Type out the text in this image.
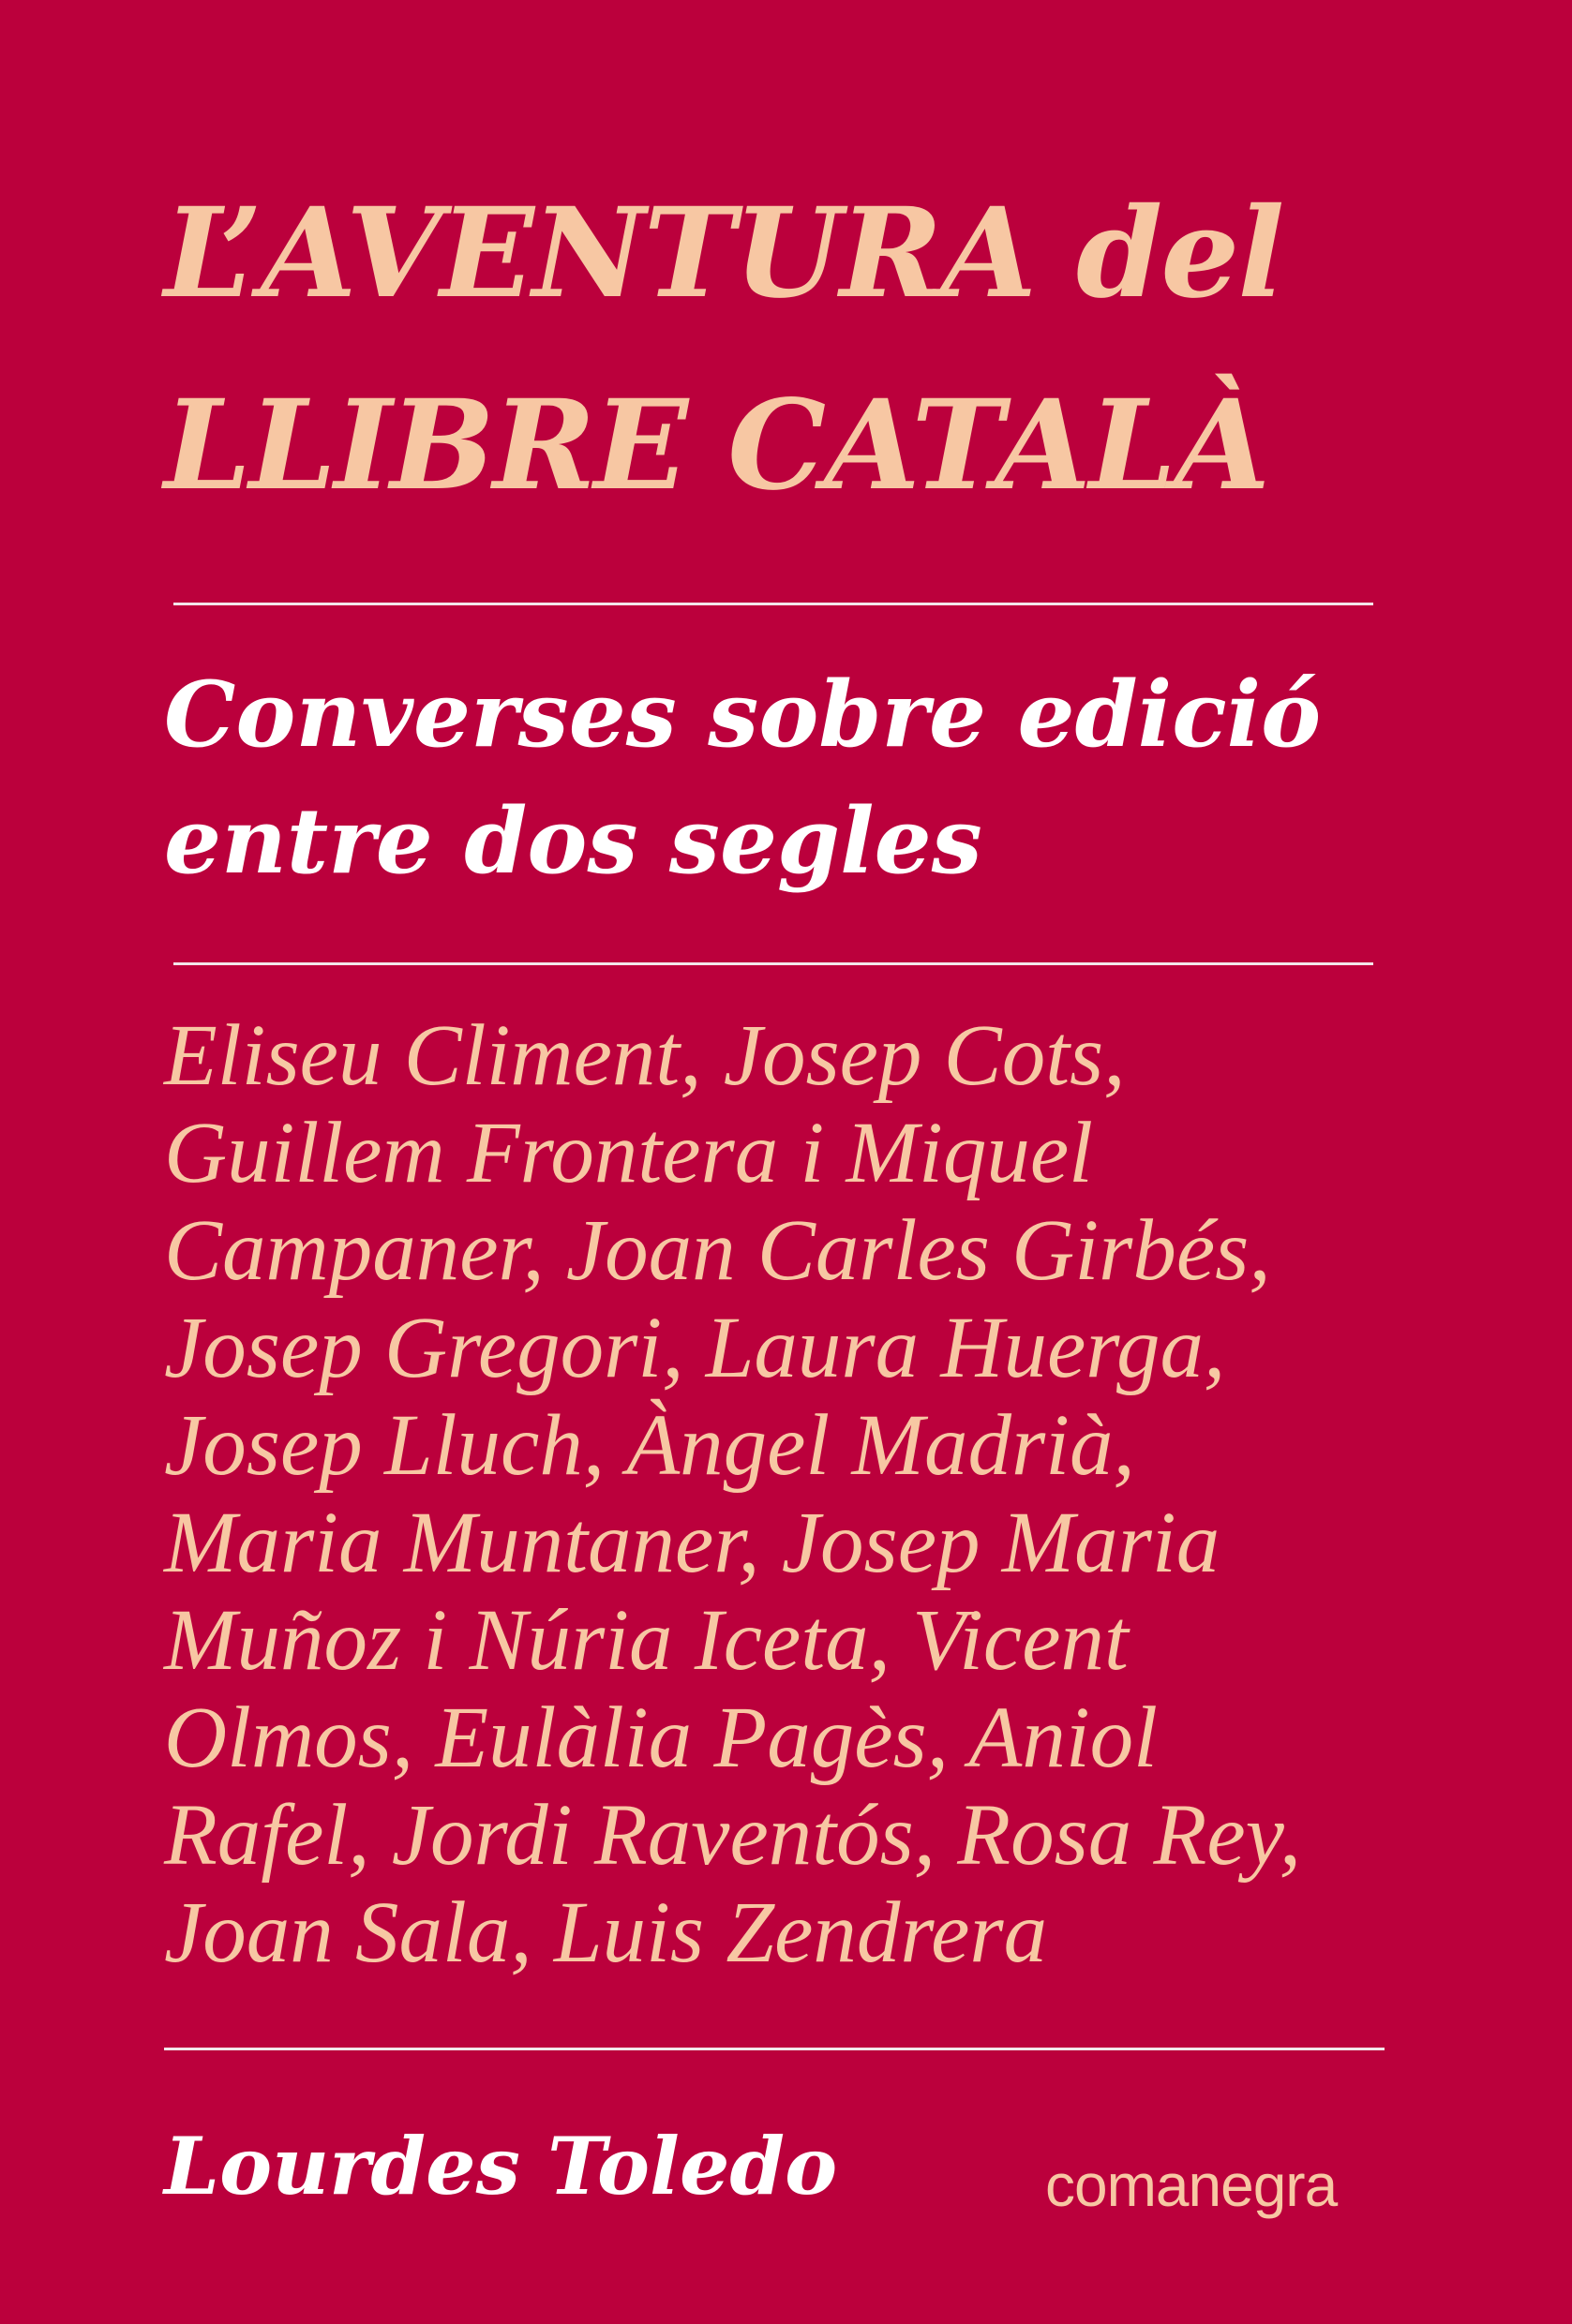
L’AVENTURA del
LLIBRE CATALÀ
Converses sobre edició
entre dos segles
Eliseu Climent, Josep Cots,
Guillem Frontera i Miquel
Campaner, Joan Carles Girbés,
Josep Gregori, Laura Huerga,
Josep Lluch, Àngel Madrià,
Maria Muntaner, Josep Maria
Muñoz i Núria Iceta, Vicent
Olmos, Eulàlia Pagès, Aniol
Rafel, Jordi Raventós, Rosa Rey,
Joan Sala, Luis Zendrera
Lourdes Toledo	comanegra
